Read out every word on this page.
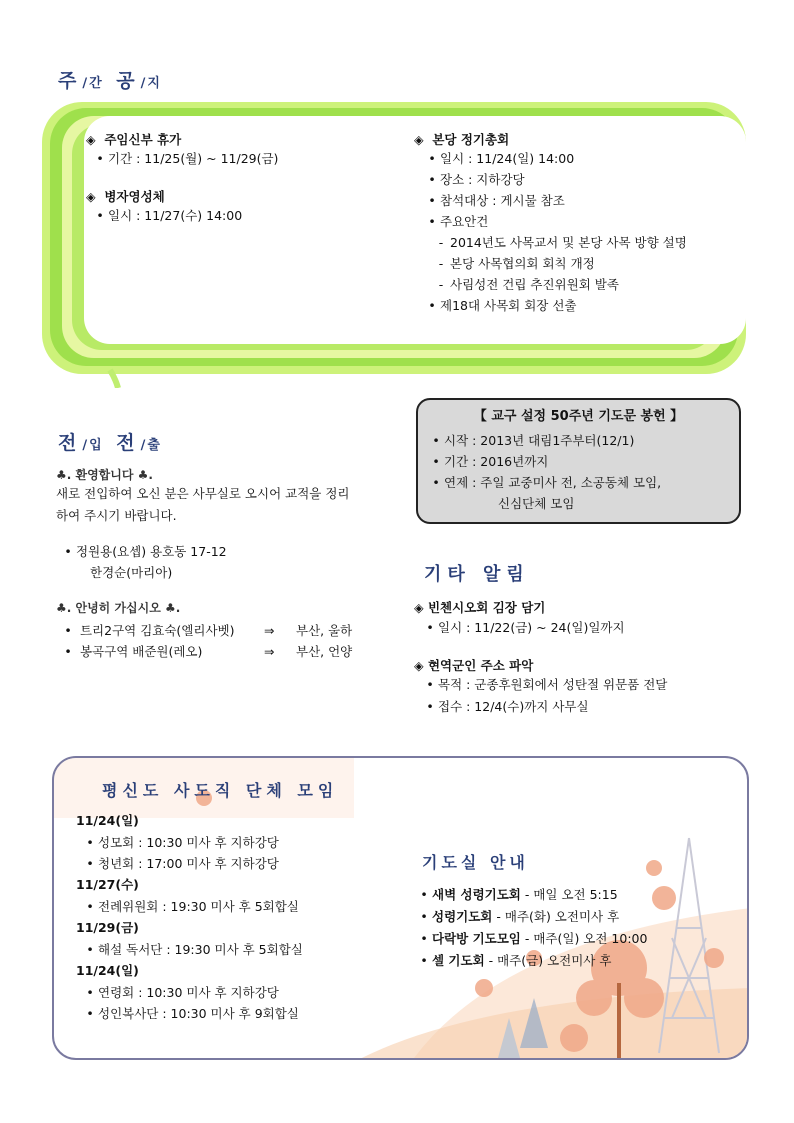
주/간 공/지
◈ 주임신부 휴가
• 기간 : 11/25(월) ~ 11/29(금)
◈ 병자영성체
• 일시 : 11/27(수) 14:00
◈ 본당 정기총회
• 일시 : 11/24(일) 14:00
• 장소 : 지하강당
• 참석대상 : 게시물 참조
• 주요안건
- 2014년도 사목교서 및 본당 사목 방향 설명
- 본당 사목협의회 회칙 개정
- 사림성전 건립 추진위원회 발족
• 제18대 사목회 회장 선출
【 교구 설정 50주년 기도문 봉헌 】
• 시작 : 2013년 대림1주부터(12/1)
• 기간 : 2016년까지
• 연제 : 주일 교중미사 전, 소공동체 모임,
신심단체 모임
전/입 전/출
♣. 환영합니다 ♣.
새로 전입하여 오신 분은 사무실로 오시어 교적을 정리
하여 주시기 바랍니다.
• 정원용(요셉) 용호동 17-12
한경순(마리아)
♣. 안녕히 가십시오 ♣.
• 트리2구역 김효숙(엘리사벳) ⇒ 부산, 울하
• 봉곡구역 배준원(레오)	⇒ 부산, 언양
기타 알림
◈ 빈첸시오회 김장 담기
• 일시 : 11/22(금) ~ 24(일)일까지
◈ 현역군인 주소 파악
• 목적 : 군종후원회에서 성탄절 위문품 전달
• 접수 : 12/4(수)까지 사무실
평신도 사도직 단체 모임
11/24(일)
• 성모회 : 10:30 미사 후 지하강당
• 청년회 : 17:00 미사 후 지하강당
11/27(수)
• 전례위원회 : 19:30 미사 후 5회합실
11/29(금)
• 해설 독서단 : 19:30 미사 후 5회합실
11/24(일)
• 연령회 : 10:30 미사 후 지하강당
• 성인복사단 : 10:30 미사 후 9회합실
기도실 안내
• 새벽 성령기도회 - 매일 오전 5:15
• 성령기도회 - 매주(화) 오전미사 후
• 다락방 기도모임 - 매주(일) 오전 10:00
• 셀 기도회 - 매주(금) 오전미사 후
